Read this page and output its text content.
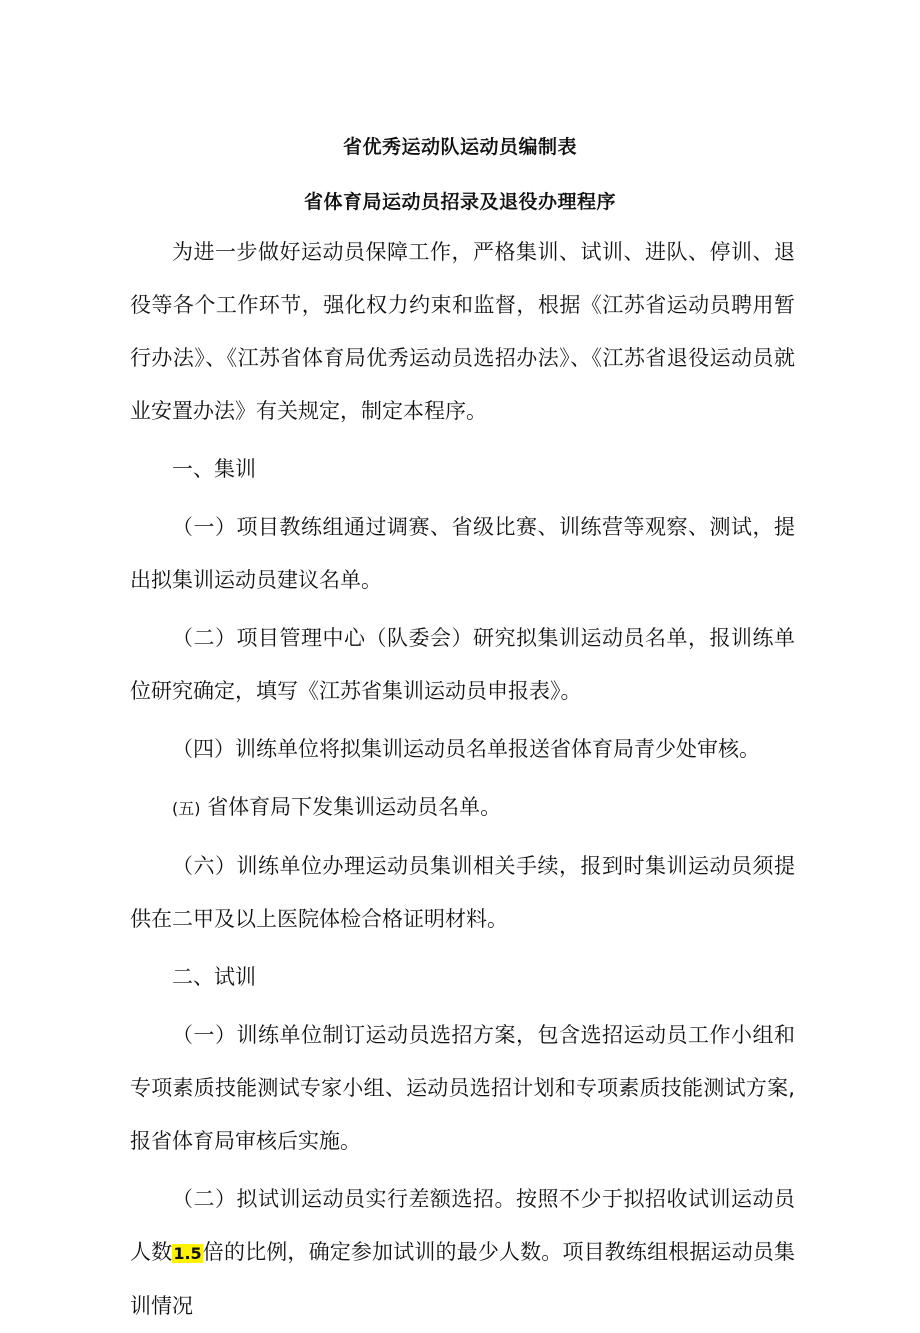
省优秀运动队运动员编制表
省体育局运动员招录及退役办理程序

为进一步做好运动员保障工作，严格集训、试训、进队、停训、退役等各个工作环节，强化权力约束和监督，根据《江苏省运动员聘用暂行办法》、《江苏省体育局优秀运动员选招办法》、《江苏省退役运动员就业安置办法》有关规定，制定本程序。

一、集训

（一）项目教练组通过调赛、省级比赛、训练营等观察、测试，提出拟集训运动员建议名单。

（二）项目管理中心（队委会）研究拟集训运动员名单，报训练单位研究确定，填写《江苏省集训运动员申报表》。

（四）训练单位将拟集训运动员名单报送省体育局青少处审核。

(五) 省体育局下发集训运动员名单。

（六）训练单位办理运动员集训相关手续，报到时集训运动员须提供在二甲及以上医院体检合格证明材料。

二、试训

（一）训练单位制订运动员选招方案，包含选招运动员工作小组和专项素质技能测试专家小组、运动员选招计划和专项素质技能测试方案,报省体育局审核后实施。

（二）拟试训运动员实行差额选招。按照不少于拟招收试训运动员人数1.5倍的比例，确定参加试训的最少人数。项目教练组根据运动员集训情况
